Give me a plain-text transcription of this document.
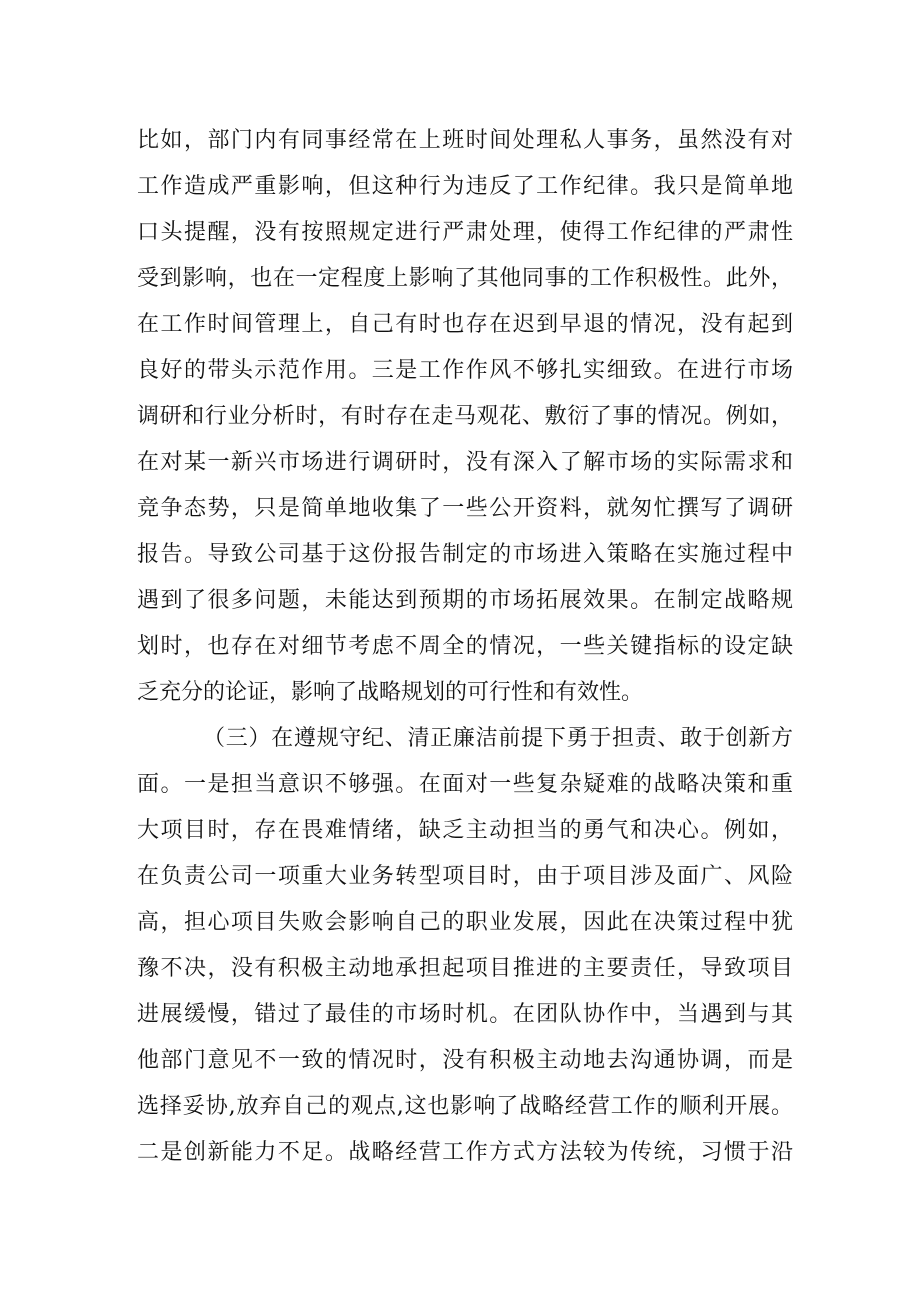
比如，部门内有同事经常在上班时间处理私人事务，虽然没有对
工作造成严重影响，但这种行为违反了工作纪律。我只是简单地
口头提醒，没有按照规定进行严肃处理，使得工作纪律的严肃性
受到影响，也在一定程度上影响了其他同事的工作积极性。此外，
在工作时间管理上，自己有时也存在迟到早退的情况，没有起到
良好的带头示范作用。三是工作作风不够扎实细致。在进行市场
调研和行业分析时，有时存在走马观花、敷衍了事的情况。例如，
在对某一新兴市场进行调研时，没有深入了解市场的实际需求和
竞争态势，只是简单地收集了一些公开资料，就匆忙撰写了调研
报告。导致公司基于这份报告制定的市场进入策略在实施过程中
遇到了很多问题，未能达到预期的市场拓展效果。在制定战略规
划时，也存在对细节考虑不周全的情况，一些关键指标的设定缺
乏充分的论证，影响了战略规划的可行性和有效性。
（三）在遵规守纪、清正廉洁前提下勇于担责、敢于创新方
面。一是担当意识不够强。在面对一些复杂疑难的战略决策和重
大项目时，存在畏难情绪，缺乏主动担当的勇气和决心。例如，
在负责公司一项重大业务转型项目时，由于项目涉及面广、风险
高，担心项目失败会影响自己的职业发展，因此在决策过程中犹
豫不决，没有积极主动地承担起项目推进的主要责任，导致项目
进展缓慢，错过了最佳的市场时机。在团队协作中，当遇到与其
他部门意见不一致的情况时，没有积极主动地去沟通协调，而是
选择妥协,放弃自己的观点,这也影响了战略经营工作的顺利开展。
二是创新能力不足。战略经营工作方式方法较为传统，习惯于沿
